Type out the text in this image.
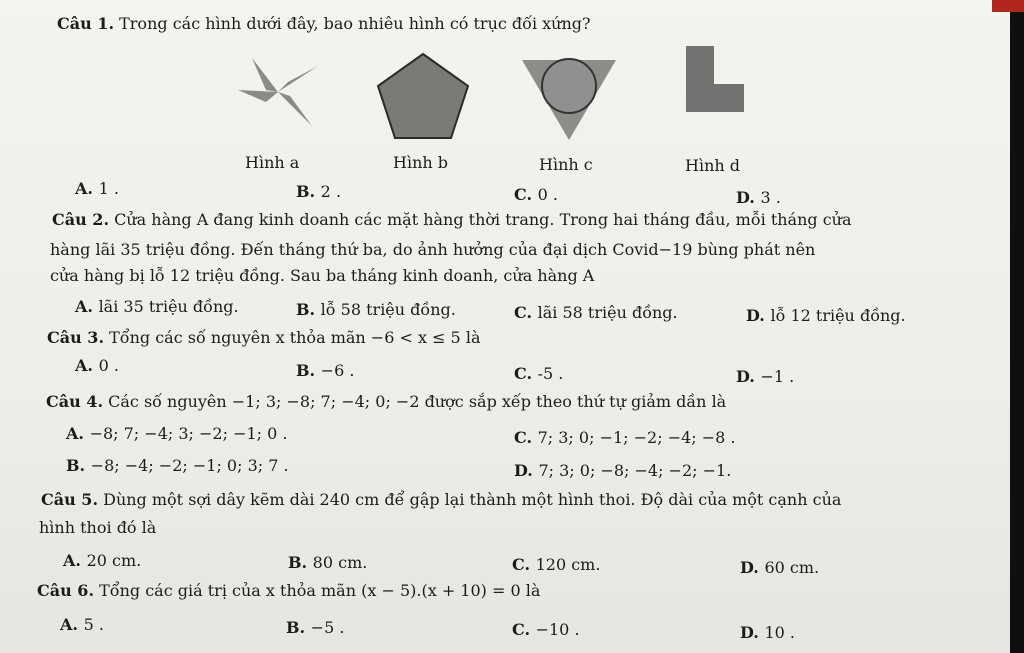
Câu 1. Trong các hình dưới đây, bao nhiêu hình có trục đối xứng?
Hình a	Hình b	Hình c	Hình d
A. 1 .	B. 2 .	C. 0 .	D. 3 .
Câu 2. Cửa hàng A đang kinh doanh các mặt hàng thời trang. Trong hai tháng đầu, mỗi tháng cửa
hàng lãi 35 triệu đồng. Đến tháng thứ ba, do ảnh hưởng của đại dịch Covid−19 bùng phát nên
cửa hàng bị lỗ 12 triệu đồng. Sau ba tháng kinh doanh, cửa hàng A
A. lãi 35 triệu đồng.	B. lỗ 58 triệu đồng.	C. lãi 58 triệu đồng.	D. lỗ 12 triệu đồng.
Câu 3. Tổng các số nguyên x thỏa mãn −6 < x ≤ 5 là
A. 0 .	B. −6 .	C. -5 .	D. −1 .
Câu 4. Các số nguyên −1; 3; −8; 7; −4; 0; −2 được sắp xếp theo thứ tự giảm dần là
A. −8; 7; −4; 3; −2; −1; 0 .	C. 7; 3; 0; −1; −2; −4; −8 .
B. −8; −4; −2; −1; 0; 3; 7 .	D. 7; 3; 0; −8; −4; −2; −1.
Câu 5. Dùng một sợi dây kẽm dài 240 cm để gập lại thành một hình thoi. Độ dài của một cạnh của
hình thoi đó là
A. 20 cm.	B. 80 cm.	C. 120 cm.	D. 60 cm.
Câu 6. Tổng các giá trị của x thỏa mãn (x − 5).(x + 10) = 0 là
A. 5 .	B. −5 .	C. −10 .	D. 10 .
